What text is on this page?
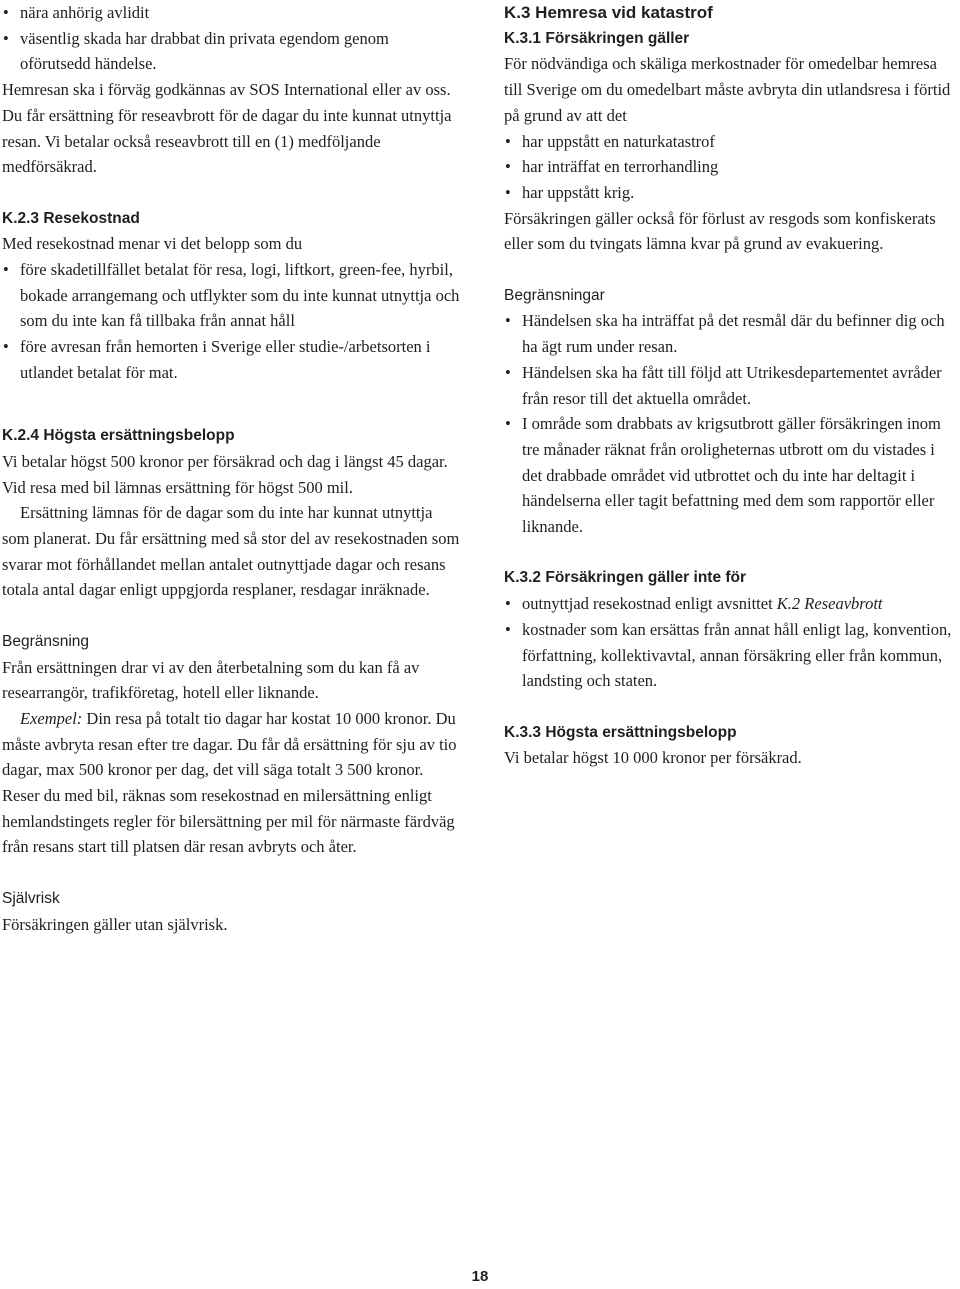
• nära anhörig avlidit
• väsentlig skada har drabbat din privata egendom genom oförutsedd händelse.

Hemresan ska i förväg godkännas av SOS International eller av oss. Du får ersättning för reseavbrott för de dagar du inte kunnat utnyttja resan. Vi betalar också reseavbrott till en (1) medföljande medförsäkrad.

K.2.3 Resekostnad

Med resekostnad menar vi det belopp som du

• före skadetillfället betalat för resa, logi, liftkort, green-fee, hyrbil, bokade arrangemang och utflykter som du inte kunnat utnyttja och som du inte kan få tillbaka från annat håll
• före avresan från hemorten i Sverige eller studie-/arbetsorten i utlandet betalat för mat.
K.2.4 Högsta ersättningsbelopp

Vi betalar högst 500 kronor per försäkrad och dag i längst 45 dagar. Vid resa med bil lämnas ersättning för högst 500 mil.

Ersättning lämnas för de dagar som du inte har kunnat utnyttja som planerat. Du får ersättning med så stor del av resekostnaden som svarar mot förhållandet mellan antalet outnyttjade dagar och resans totala antal dagar enligt uppgjorda resplaner, resdagar inräknade.

Begränsning

Från ersättningen drar vi av den återbetalning som du kan få av researrangör, trafikföretag, hotell eller liknande.

Exempel: Din resa på totalt tio dagar har kostat 10 000 kronor. Du måste avbryta resan efter tre dagar. Du får då ersättning för sju av tio dagar, max 500 kronor per dag, det vill säga totalt 3 500 kronor. Reser du med bil, räknas som resekostnad en milersättning enligt hemlandstingets regler för bilersättning per mil för närmaste färdväg från resans start till platsen där resan avbryts och åter.

Självrisk

Försäkringen gäller utan självrisk.

K.3 Hemresa vid katastrof
K.3.1 Försäkringen gäller

För nödvändiga och skäliga merkostnader för omedelbar hemresa till Sverige om du omedelbart måste avbryta din utlandsresa i förtid på grund av att det

• har uppstått en naturkatastrof
• har inträffat en terrorhandling
• har uppstått krig.

Försäkringen gäller också för förlust av resgods som konfiskerats eller som du tvingats lämna kvar på grund av evakuering.

Begränsningar
• Händelsen ska ha inträffat på det resmål där du befinner dig och ha ägt rum under resan.
• Händelsen ska ha fått till följd att Utrikesdepartementet avråder från resor till det aktuella området.
• I område som drabbats av krigsutbrott gäller försäkringen inom tre månader räknat från oroligheternas utbrott om du vistades i det drabbade området vid utbrottet och du inte har deltagit i händelserna eller tagit befattning med dem som rapportör eller liknande.
K.3.2 Försäkringen gäller inte för
• outnyttjad resekostnad enligt avsnittet K.2 Reseavbrott
• kostnader som kan ersättas från annat håll enligt lag, konvention, författning, kollektivavtal, annan försäkring eller från kommun, landsting och staten.
K.3.3 Högsta ersättningsbelopp

Vi betalar högst 10 000 kronor per försäkrad.

18
